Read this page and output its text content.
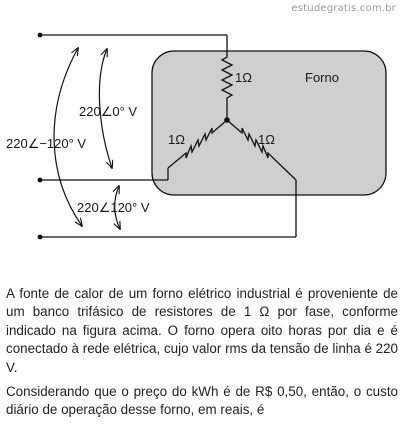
estudegratis.com.br
Forno
1Ω
1Ω	1Ω
220∠0° V
220∠−120° V
220∠120° V

A fonte de calor de um forno elétrico industrial é proveniente de um banco trifásico de resistores de 1 Ω por fase, conforme indicado na figura acima. O forno opera oito horas por dia e é conectado à rede elétrica, cujo valor rms da tensão de linha é 220 V.

Considerando que o preço do kWh é de R$ 0,50, então, o custo diário de operação desse forno, em reais, é
